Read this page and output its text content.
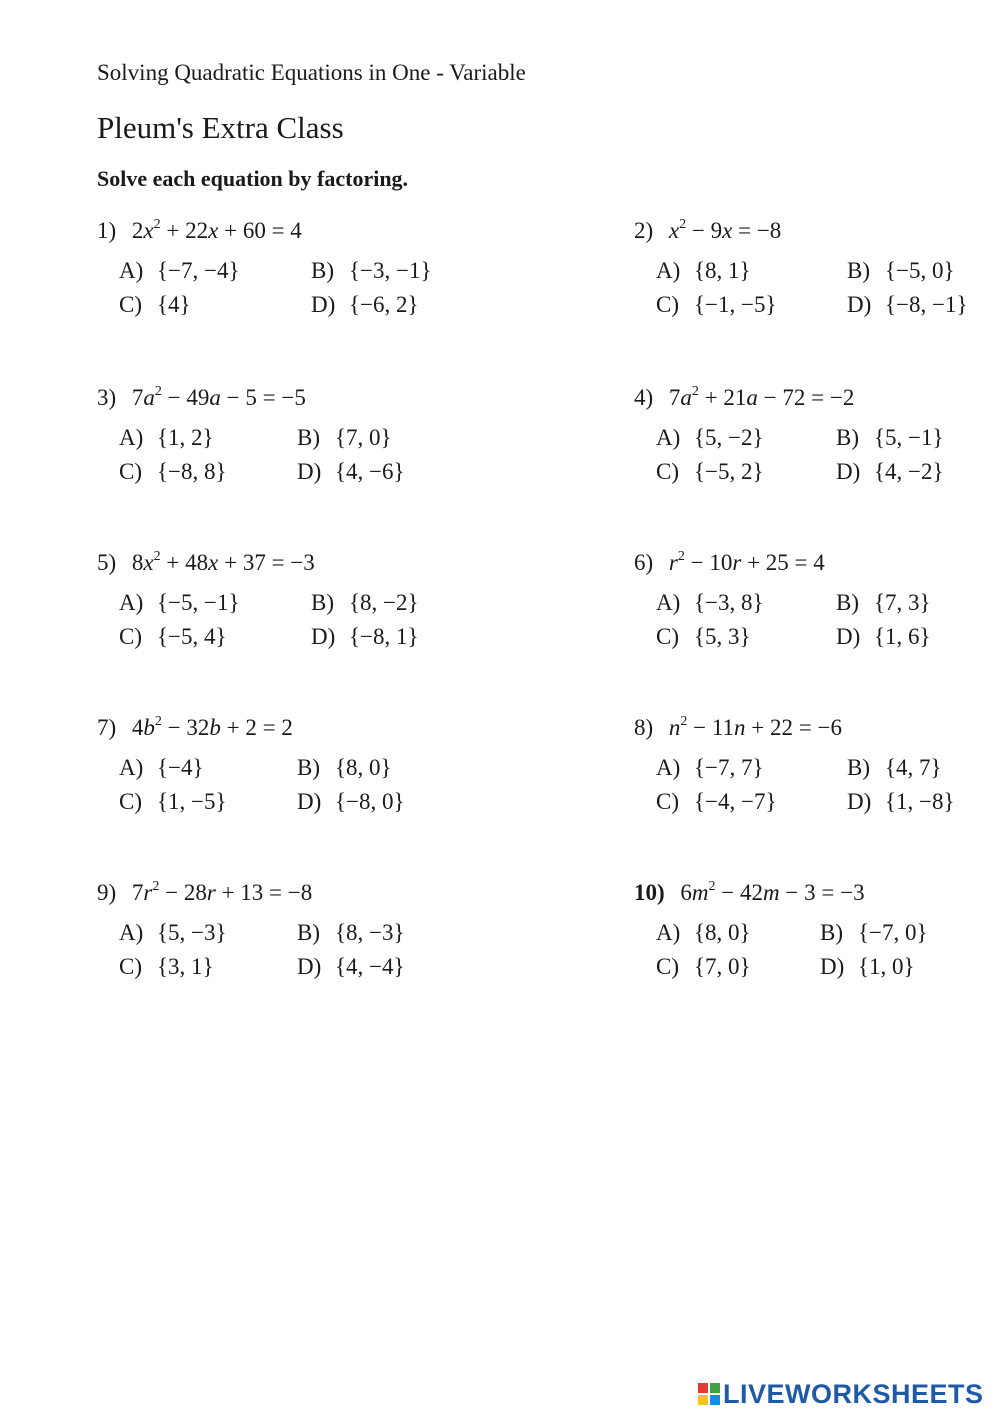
Solving Quadratic Equations in One - Variable
Pleum's Extra Class
Solve each equation by factoring.
1) $2x^2 + 22x + 60 = 4$
A) {−7, −4}	B) {−3, −1}
C) {4}	D) {−6, 2}
2) $x^2 - 9x = -8$
A) {8, 1}	B) {−5, 0}
C) {−1, −5}	D) {−8, −1}
3) $7a^2 - 49a - 5 = -5$
A) {1, 2}	B) {7, 0}
C) {−8, 8}	D) {4, −6}
4) $7a^2 + 21a - 72 = -2$
A) {5, −2}	B) {5, −1}
C) {−5, 2}	D) {4, −2}
5) $8x^2 + 48x + 37 = -3$
A) {−5, −1}	B) {8, −2}
C) {−5, 4}	D) {−8, 1}
6) $r^2 - 10r + 25 = 4$
A) {−3, 8}	B) {7, 3}
C) {5, 3}	D) {1, 6}
7) $4b^2 - 32b + 2 = 2$
A) {−4}	B) {8, 0}
C) {1, −5}	D) {−8, 0}
8) $n^2 - 11n + 22 = -6$
A) {−7, 7}	B) {4, 7}
C) {−4, −7}	D) {1, −8}
9) $7r^2 - 28r + 13 = -8$
A) {5, −3}	B) {8, −3}
C) {3, 1}	D) {4, −4}
10) $6m^2 - 42m - 3 = -3$
A) {8, 0}	B) {−7, 0}
C) {7, 0}	D) {1, 0}
LIVEWORKSHEETS
